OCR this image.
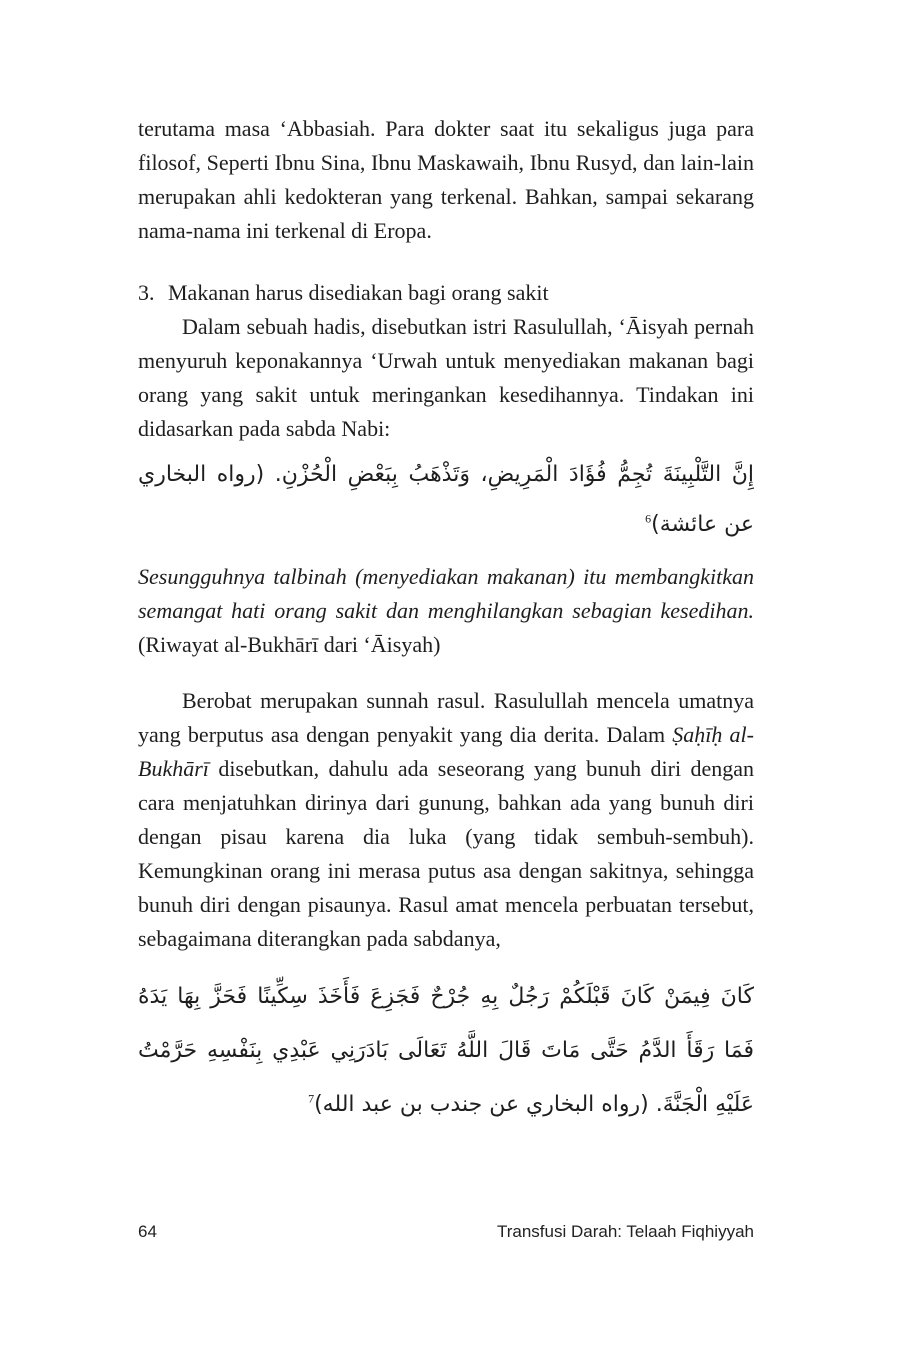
terutama masa ‘Abbasiah. Para dokter saat itu sekaligus juga para filosof, Seperti Ibnu Sina, Ibnu Maskawaih, Ibnu Rusyd, dan lain-lain merupakan ahli kedokteran yang terkenal. Bahkan, sampai sekarang nama-nama ini terkenal di Eropa.

3. Makanan harus disediakan bagi orang sakit

Dalam sebuah hadis, disebutkan istri Rasulullah, ‘Āisyah pernah menyuruh keponakannya ‘Urwah untuk menyediakan makanan bagi orang yang sakit untuk meringankan kesedihannya. Tindakan ini didasarkan pada sabda Nabi:

إِنَّ التَّلْبِينَةَ تُجِمُّ فُؤَادَ الْمَرِيضِ، وَتَذْهَبُ بِبَعْضِ الْحُزْنِ. (رواه البخاري عن عائشة)$^6$

Sesungguhnya talbinah (menyediakan makanan) itu membangkitkan semangat hati orang sakit dan menghilangkan sebagian kesedihan. (Riwayat al-Bukhārī dari ‘Āisyah)

Berobat merupakan sunnah rasul. Rasulullah mencela umatnya yang berputus asa dengan penyakit yang dia derita. Dalam Ṣaḥīḥ al-Bukhārī disebutkan, dahulu ada seseorang yang bunuh diri dengan cara menjatuhkan dirinya dari gunung, bahkan ada yang bunuh diri dengan pisau karena dia luka (yang tidak sembuh-sembuh). Kemungkinan orang ini merasa putus asa dengan sakitnya, sehingga bunuh diri dengan pisaunya. Rasul amat mencela perbuatan tersebut, sebagaimana diterangkan pada sabdanya,

كَانَ فِيمَنْ كَانَ قَبْلَكُمْ رَجُلٌ بِهِ جُرْحٌ فَجَزِعَ فَأَخَذَ سِكِّينًا فَحَزَّ بِهَا يَدَهُ فَمَا رَقَأَ الدَّمُ حَتَّى مَاتَ قَالَ اللَّهُ تَعَالَى بَادَرَنِي عَبْدِي بِنَفْسِهِ حَرَّمْتُ عَلَيْهِ الْجَنَّةَ. (رواه البخاري عن جندب بن عبد الله)$^7$
64	Transfusi Darah: Telaah Fiqhiyyah
